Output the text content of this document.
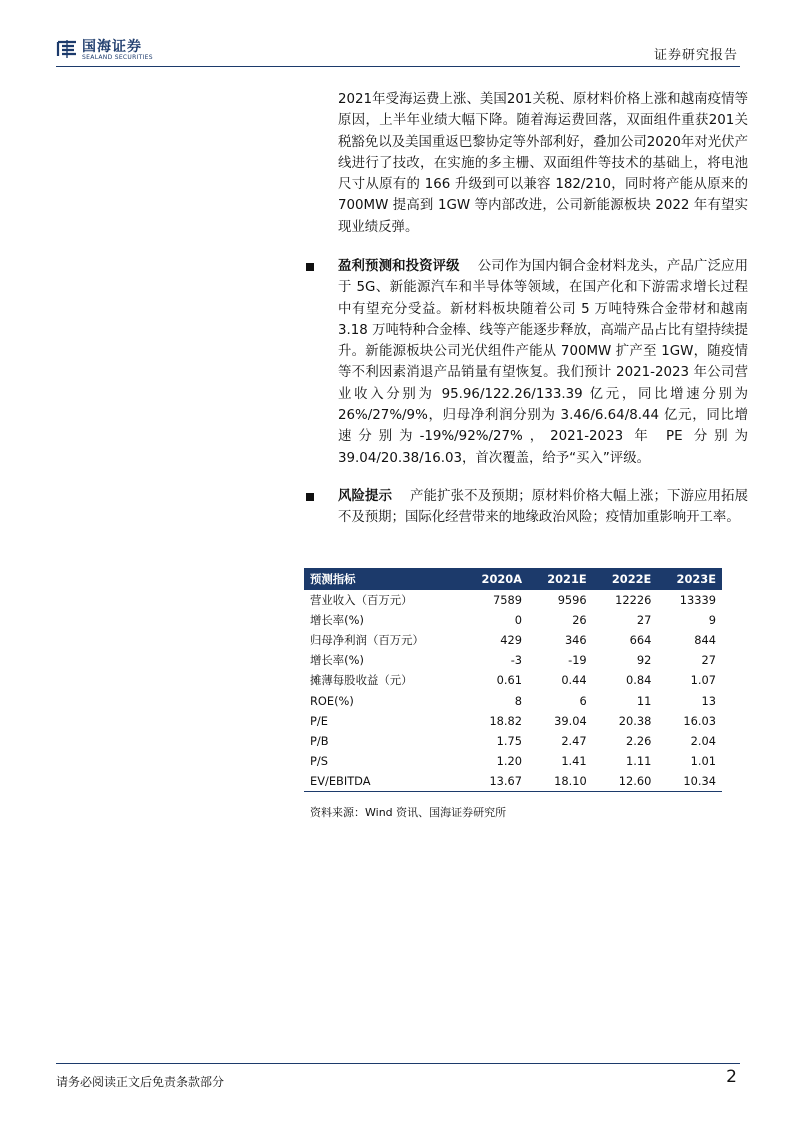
国海证券
SEALAND SECURITIES	证券研究报告
2021年受海运费上涨、美国201关税、原材料价格上涨和越南疫情等原因，上半年业绩大幅下降。随着海运费回落，双面组件重获201关税豁免以及美国重返巴黎协定等外部利好，叠加公司2020年对光伏产线进行了技改，在实施的多主栅、双面组件等技术的基础上，将电池尺寸从原有的 166 升级到可以兼容 182/210，同时将产能从原来的 700MW 提高到 1GW 等内部改进，公司新能源板块 2022 年有望实现业绩反弹。
盈利预测和投资评级 公司作为国内铜合金材料龙头，产品广泛应用于 5G、新能源汽车和半导体等领域，在国产化和下游需求增长过程中有望充分受益。新材料板块随着公司 5 万吨特殊合金带材和越南 3.18 万吨特种合金棒、线等产能逐步释放，高端产品占比有望持续提升。新能源板块公司光伏组件产能从 700MW 扩产至 1GW，随疫情等不利因素消退产品销量有望恢复。我们预计 2021-2023 年公司营业收入分别为 95.96/122.26/133.39 亿元，同比增速分别为 26%/27%/9%，归母净利润分别为 3.46/6.64/8.44 亿元，同比增速分别为-19%/92%/27%，2021-2023 年 PE 分别为 39.04/20.38/16.03，首次覆盖，给予“买入”评级。
风险提示 产能扩张不及预期；原材料价格大幅上涨；下游应用拓展不及预期；国际化经营带来的地缘政治风险；疫情加重影响开工率。
预测指标	2020A	2021E	2022E	2023E
营业收入（百万元）	7589	9596	12226	13339
增长率(%)	0	26	27	9
归母净利润（百万元）	429	346	664	844
增长率(%)	-3	-19	92	27
摊薄每股收益（元）	0.61	0.44	0.84	1.07
ROE(%)	8	6	11	13
P/E	18.82	39.04	20.38	16.03
P/B	1.75	2.47	2.26	2.04
P/S	1.20	1.41	1.11	1.01
EV/EBITDA	13.67	18.10	12.60	10.34
资料来源：Wind 资讯、国海证券研究所
请务必阅读正文后免责条款部分	2
